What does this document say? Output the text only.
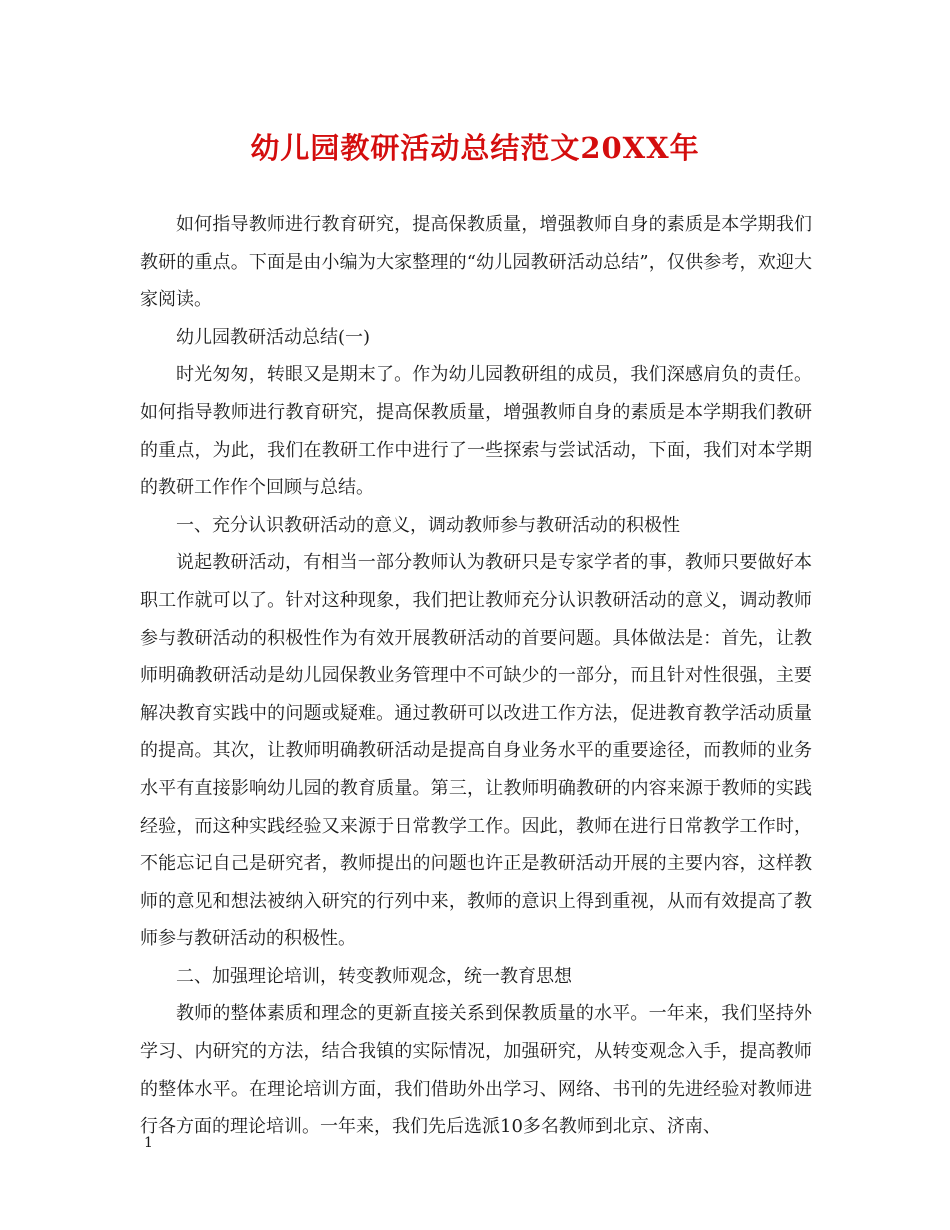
幼儿园教研活动总结范文20XX年

如何指导教师进行教育研究，提高保教质量，增强教师自身的素质是本学期我们教研的重点。下面是由小编为大家整理的“幼儿园教研活动总结”，仅供参考，欢迎大家阅读。

幼儿园教研活动总结(一)

时光匆匆，转眼又是期末了。作为幼儿园教研组的成员，我们深感肩负的责任。如何指导教师进行教育研究，提高保教质量，增强教师自身的素质是本学期我们教研的重点，为此，我们在教研工作中进行了一些探索与尝试活动，下面，我们对本学期的教研工作作个回顾与总结。

一、充分认识教研活动的意义，调动教师参与教研活动的积极性

说起教研活动，有相当一部分教师认为教研只是专家学者的事，教师只要做好本职工作就可以了。针对这种现象，我们把让教师充分认识教研活动的意义，调动教师参与教研活动的积极性作为有效开展教研活动的首要问题。具体做法是：首先，让教师明确教研活动是幼儿园保教业务管理中不可缺少的一部分，而且针对性很强，主要解决教育实践中的问题或疑难。通过教研可以改进工作方法，促进教育教学活动质量的提高。其次，让教师明确教研活动是提高自身业务水平的重要途径，而教师的业务水平有直接影响幼儿园的教育质量。第三，让教师明确教研的内容来源于教师的实践经验，而这种实践经验又来源于日常教学工作。因此，教师在进行日常教学工作时，不能忘记自己是研究者，教师提出的问题也许正是教研活动开展的主要内容，这样教师的意见和想法被纳入研究的行列中来，教师的意识上得到重视，从而有效提高了教师参与教研活动的积极性。

二、加强理论培训，转变教师观念，统一教育思想

教师的整体素质和理念的更新直接关系到保教质量的水平。一年来，我们坚持外学习、内研究的方法，结合我镇的实际情况，加强研究，从转变观念入手，提高教师的整体水平。在理论培训方面，我们借助外出学习、网络、书刊的先进经验对教师进行各方面的理论培训。一年来，我们先后选派10多名教师到北京、济南、

1
